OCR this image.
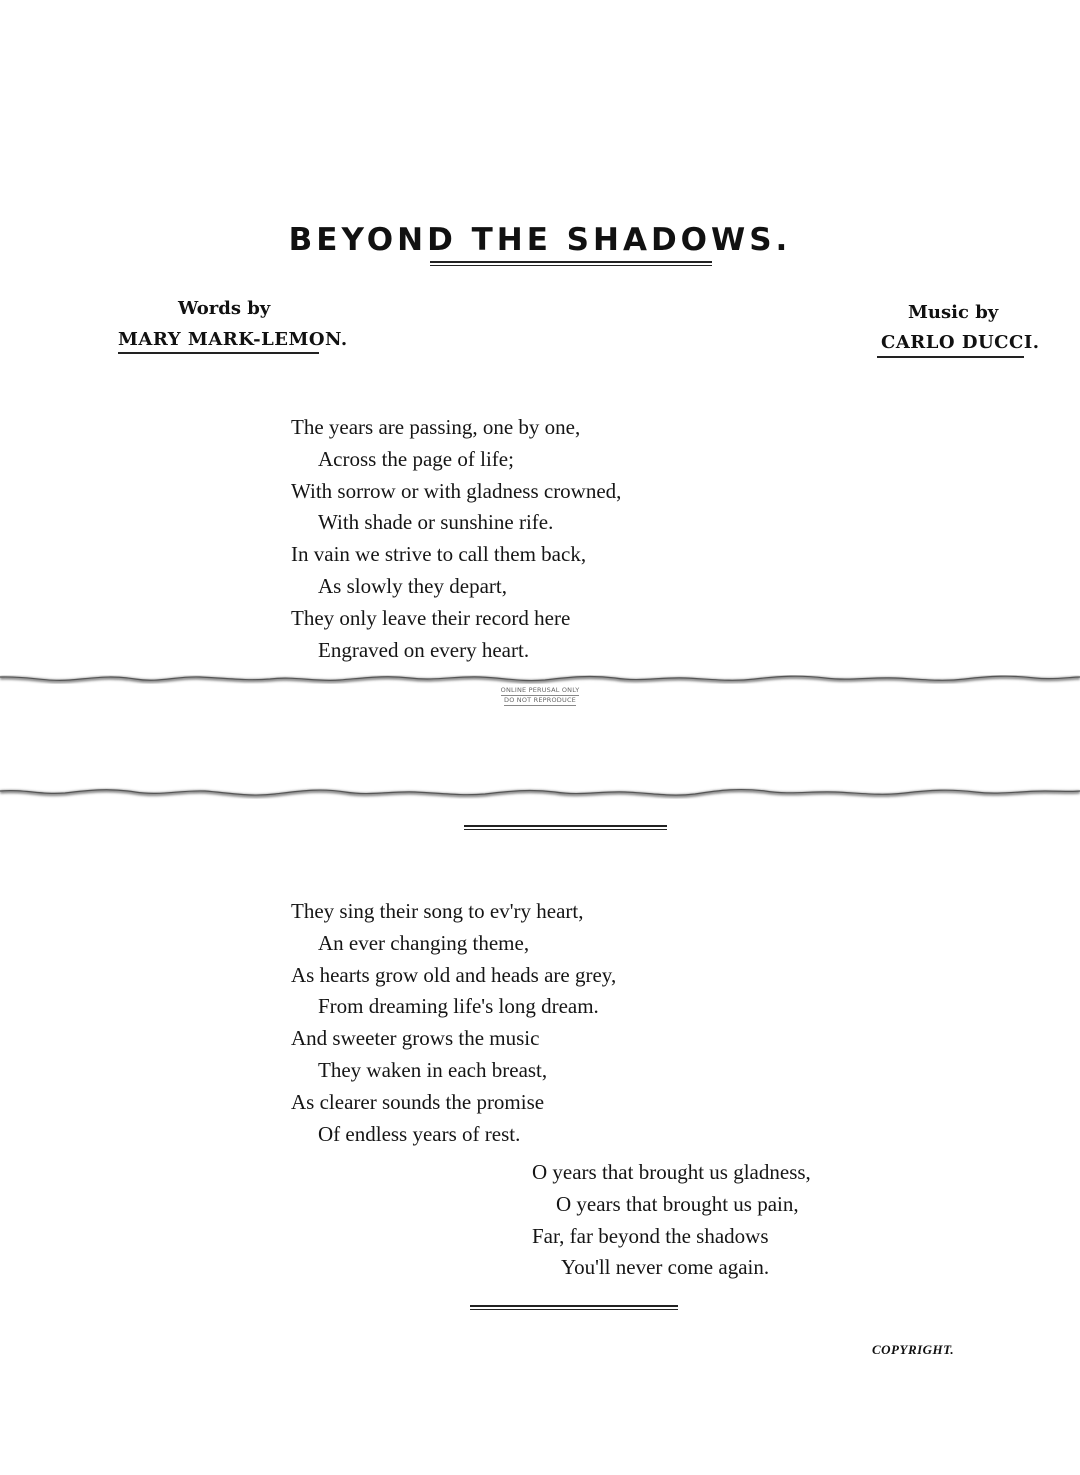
BEYOND THE SHADOWS.
Words by
MARY MARK-LEMON.
Music by
CARLO DUCCI.
The years are passing, one by one,
Across the page of life;
With sorrow or with gladness crowned,
With shade or sunshine rife.
In vain we strive to call them back,
As slowly they depart,
They only leave their record here
Engraved on every heart.
ONLINE PERUSAL ONLY
DO NOT REPRODUCE
They sing their song to ev'ry heart,
An ever changing theme,
As hearts grow old and heads are grey,
From dreaming life's long dream.
And sweeter grows the music
They waken in each breast,
As clearer sounds the promise
Of endless years of rest.
O years that brought us gladness,
O years that brought us pain,
Far, far beyond the shadows
You'll never come again.
COPYRIGHT.
